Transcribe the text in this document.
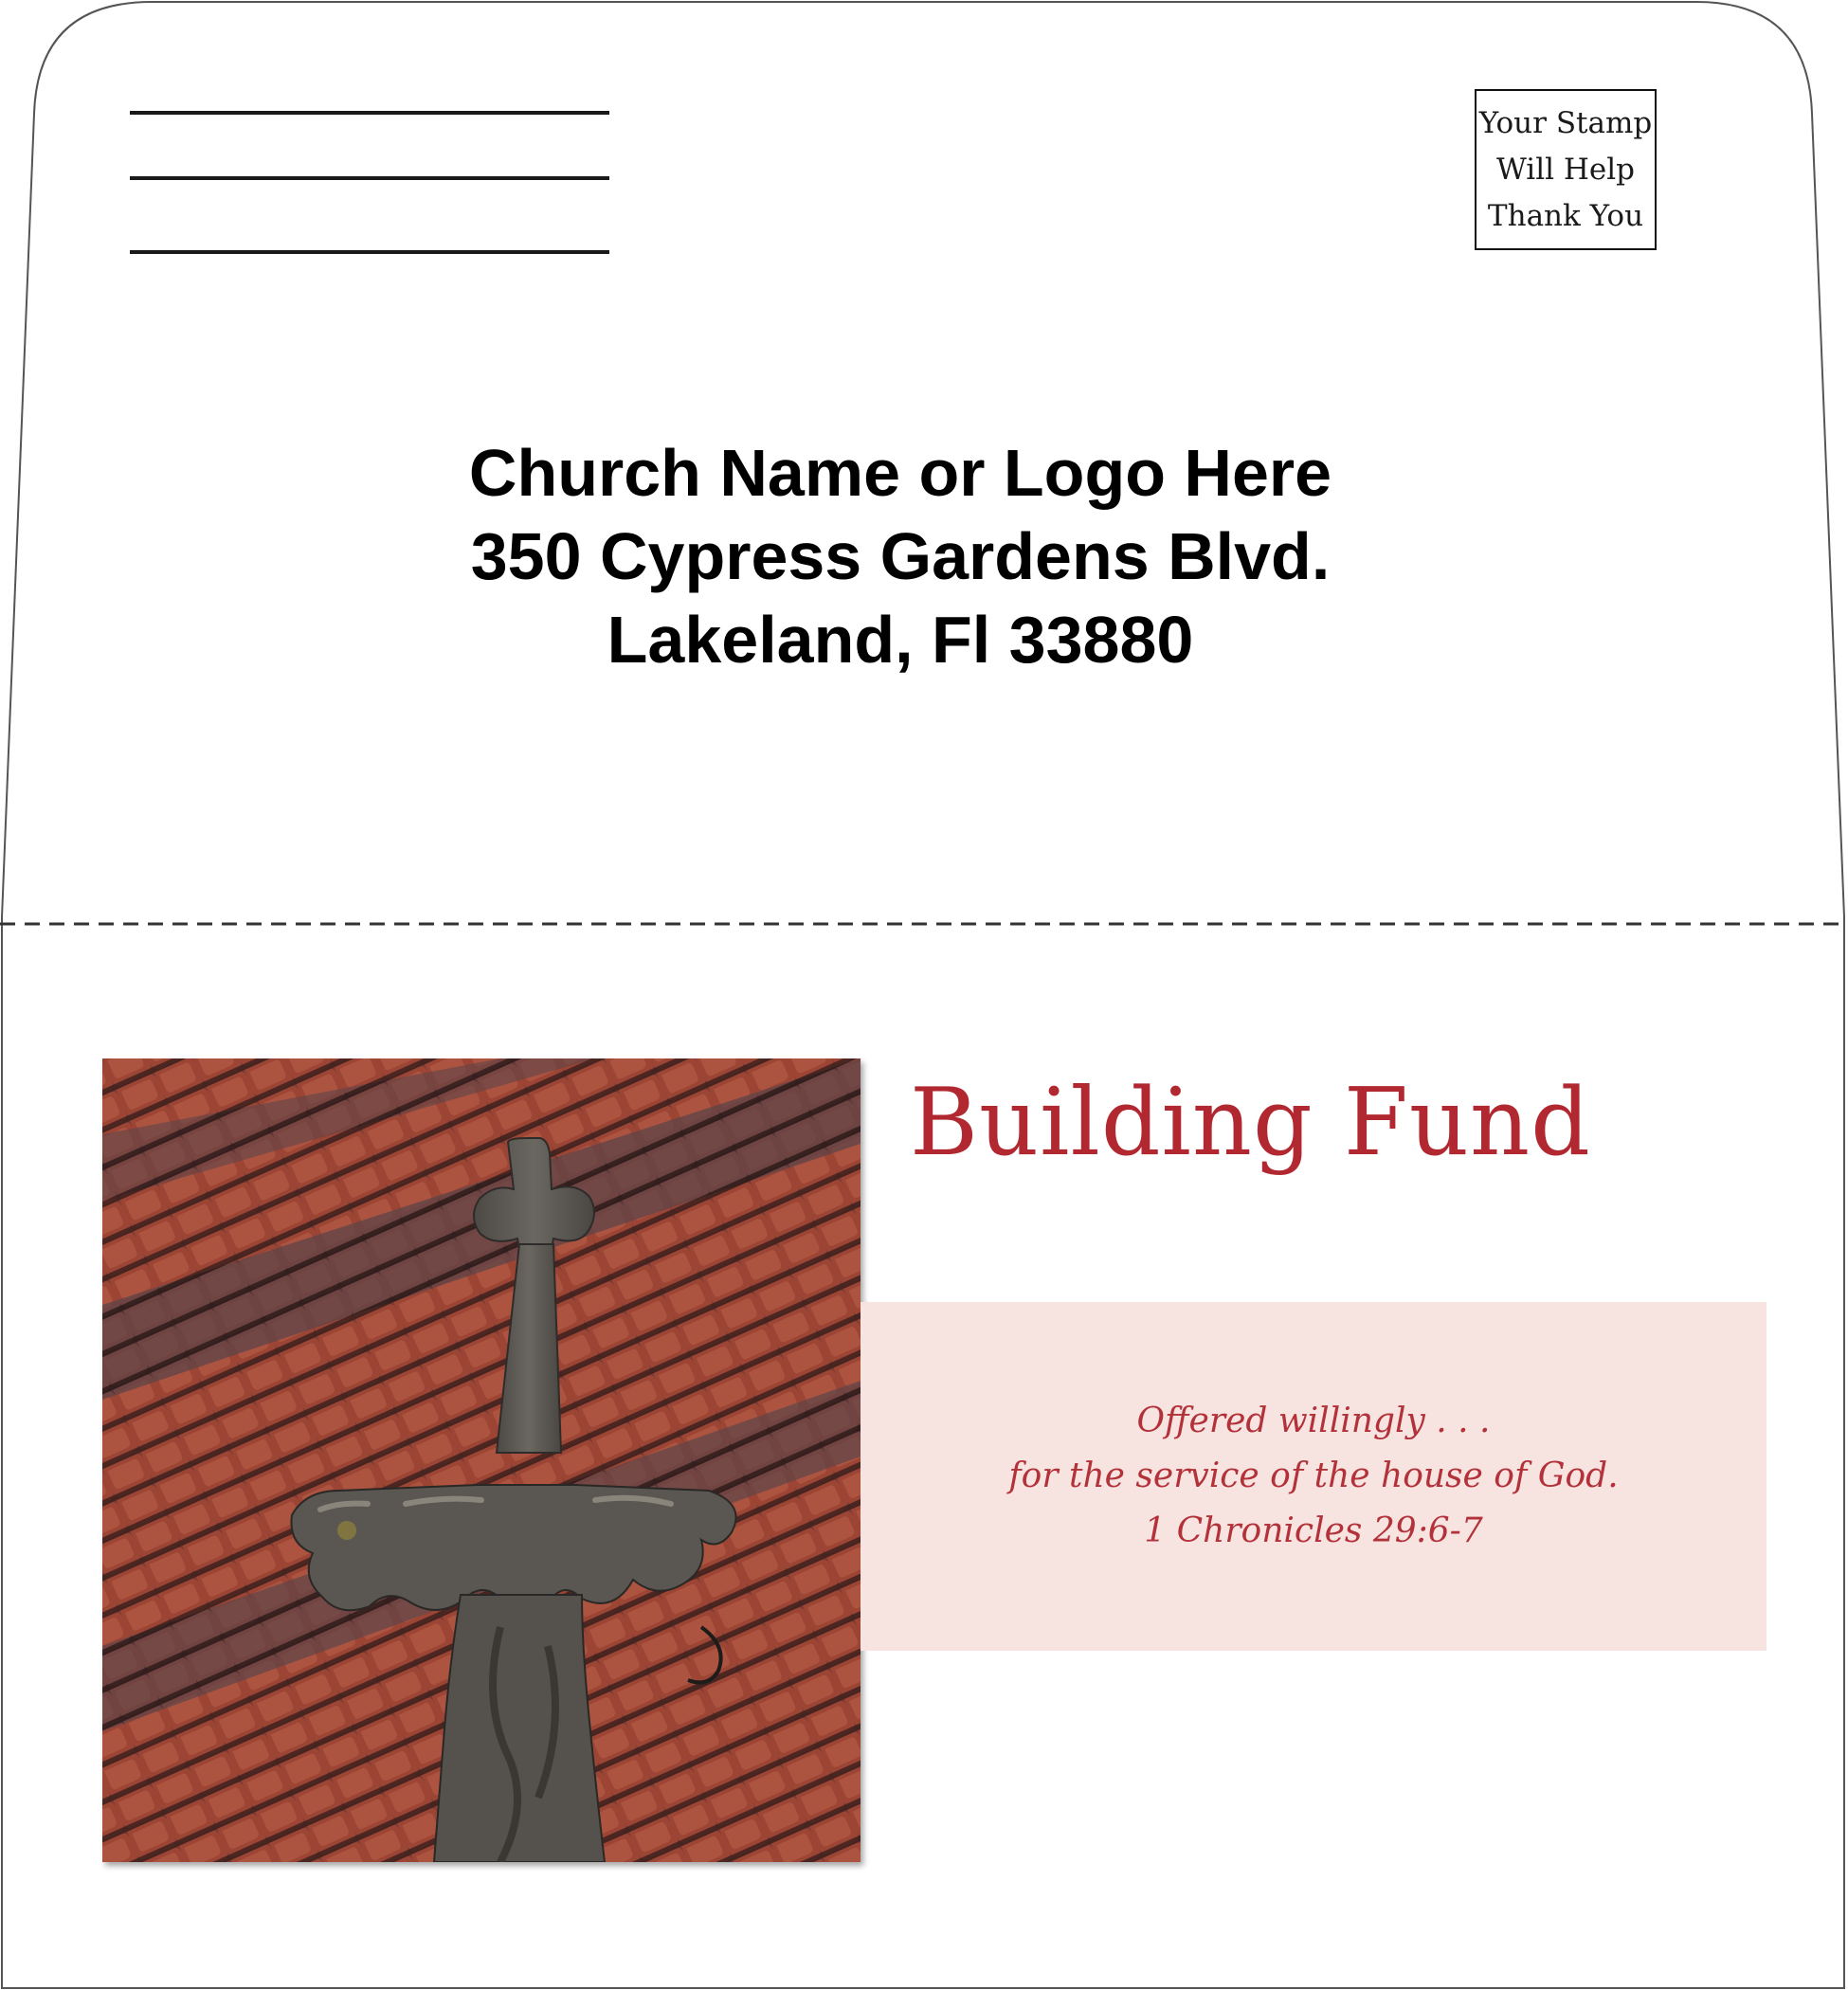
Your Stamp
Will Help
Thank You
Church Name or Logo Here
350 Cypress Gardens Blvd.
Lakeland, Fl 33880
Building Fund
Offered willingly . . .
for the service of the house of God.
1 Chronicles 29:6-7
